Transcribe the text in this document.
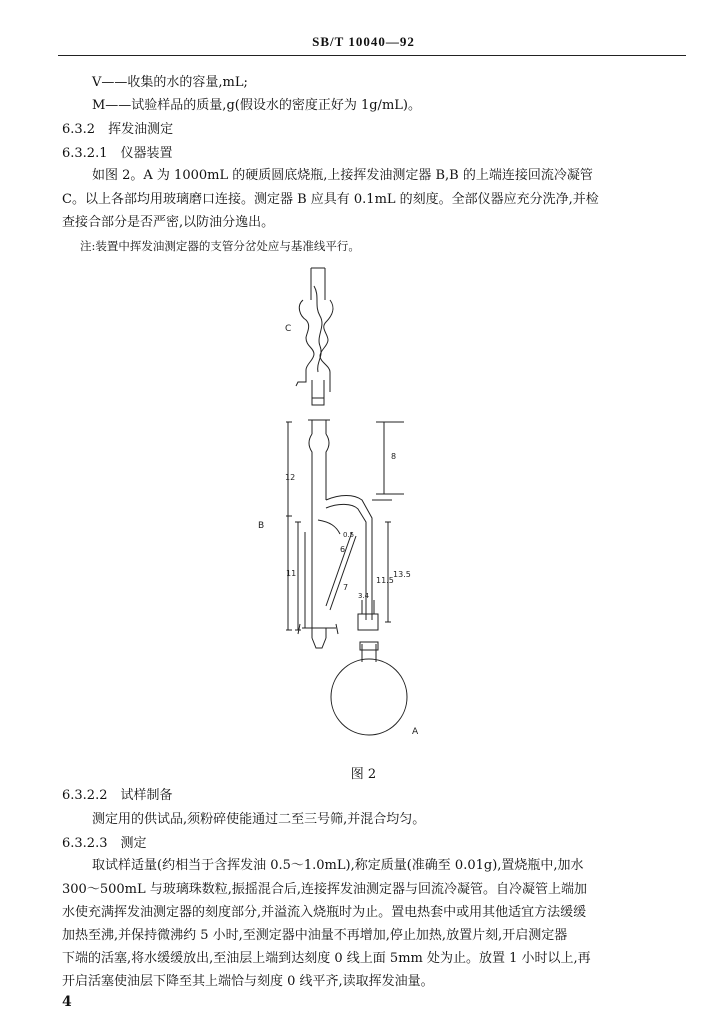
SB/T 10040—92
V——收集的水的容量,mL;
M——试验样品的质量,g(假设水的密度正好为 1g/mL)。
6.3.2　挥发油测定
6.3.2.1　仪器装置
如图 2。A 为 1000mL 的硬质圆底烧瓶,上接挥发油测定器 B,B 的上端连接回流冷凝管
C。以上各部均用玻璃磨口连接。测定器 B 应具有 0.1mL 的刻度。全部仪器应充分洗净,并检
查接合部分是否严密,以防油分逸出。
注:装置中挥发油测定器的支管分岔处应与基准线平行。
C
B
A
8
12
0.5
6
11
7
11.5
13.5
3.4
图 2
6.3.2.2　试样制备
测定用的供试品,须粉碎使能通过二至三号筛,并混合均匀。
6.3.2.3　测定
取试样适量(约相当于含挥发油 0.5～1.0mL),称定质量(准确至 0.01g),置烧瓶中,加水
300～500mL 与玻璃珠数粒,振摇混合后,连接挥发油测定器与回流冷凝管。自冷凝管上端加
水使充满挥发油测定器的刻度部分,并溢流入烧瓶时为止。置电热套中或用其他适宜方法缓缓
加热至沸,并保持微沸约 5 小时,至测定器中油量不再增加,停止加热,放置片刻,开启测定器
下端的活塞,将水缓缓放出,至油层上端到达刻度 0 线上面 5mm 处为止。放置 1 小时以上,再
开启活塞使油层下降至其上端恰与刻度 0 线平齐,读取挥发油量。
4
